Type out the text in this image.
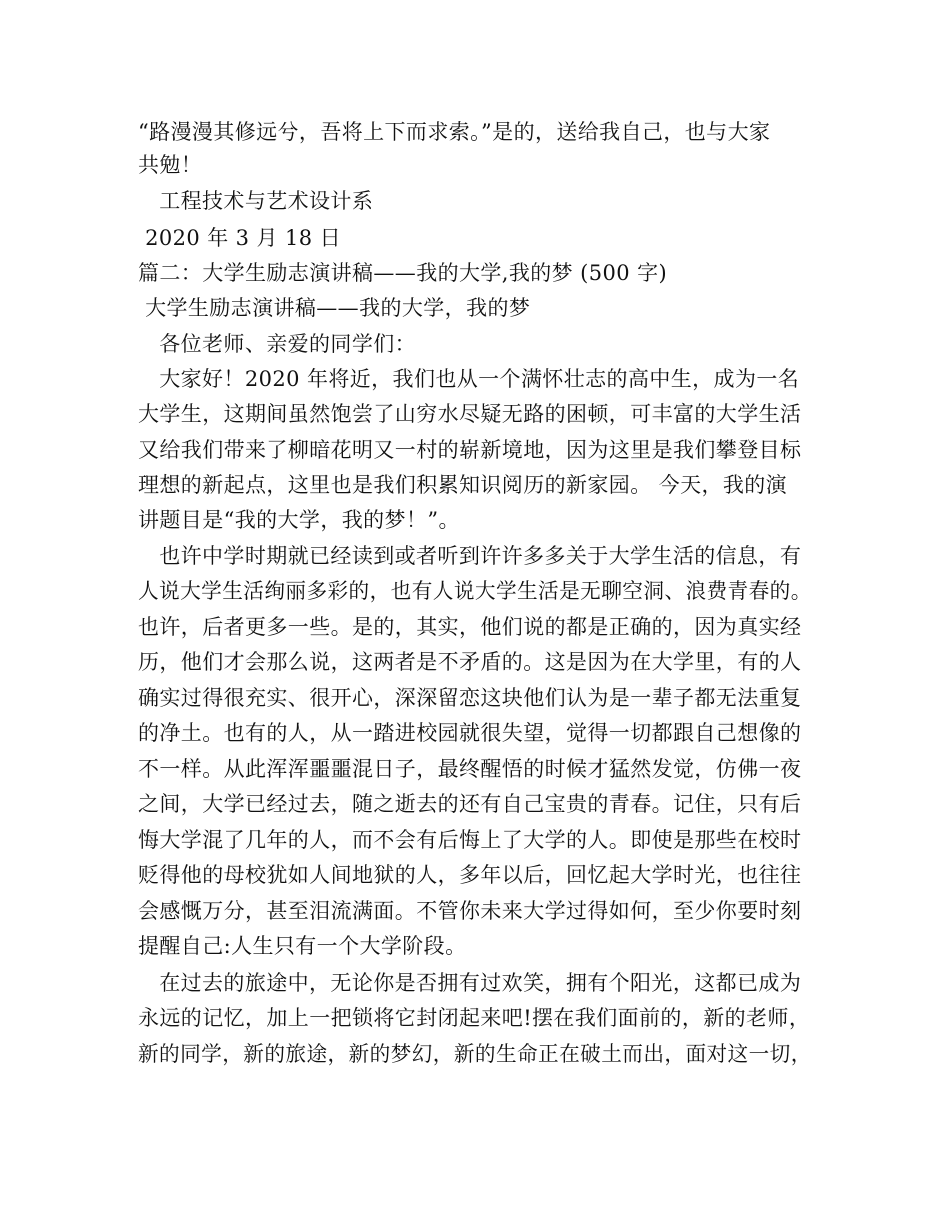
“路漫漫其修远兮，吾将上下而求索。”是的，送给我自己，也与大家
共勉！
工程技术与艺术设计系
2020 年 3 月 18 日
篇二：大学生励志演讲稿——我的大学,我的梦 (500 字)
大学生励志演讲稿——我的大学，我的梦
各位老师、亲爱的同学们：
大家好！2020 年将近，我们也从一个满怀壮志的高中生，成为一名
大学生，这期间虽然饱尝了山穷水尽疑无路的困顿，可丰富的大学生活
又给我们带来了柳暗花明又一村的崭新境地，因为这里是我们攀登目标
理想的新起点，这里也是我们积累知识阅历的新家园。 今天，我的演
讲题目是“我的大学，我的梦！”。
也许中学时期就已经读到或者听到许许多多关于大学生活的信息，有
人说大学生活绚丽多彩的，也有人说大学生活是无聊空洞、浪费青春的。
也许，后者更多一些。是的，其实，他们说的都是正确的，因为真实经
历，他们才会那么说，这两者是不矛盾的。这是因为在大学里，有的人
确实过得很充实、很开心，深深留恋这块他们认为是一辈子都无法重复
的净土。也有的人，从一踏进校园就很失望，觉得一切都跟自己想像的
不一样。从此浑浑噩噩混日子，最终醒悟的时候才猛然发觉，仿佛一夜
之间，大学已经过去，随之逝去的还有自己宝贵的青春。记住，只有后
悔大学混了几年的人，而不会有后悔上了大学的人。即使是那些在校时
贬得他的母校犹如人间地狱的人，多年以后，回忆起大学时光，也往往
会感慨万分，甚至泪流满面。不管你未来大学过得如何，至少你要时刻
提醒自己:人生只有一个大学阶段。
在过去的旅途中，无论你是否拥有过欢笑，拥有个阳光，这都已成为
永远的记忆，加上一把锁将它封闭起来吧!摆在我们面前的，新的老师，
新的同学，新的旅途，新的梦幻，新的生命正在破土而出，面对这一切，
